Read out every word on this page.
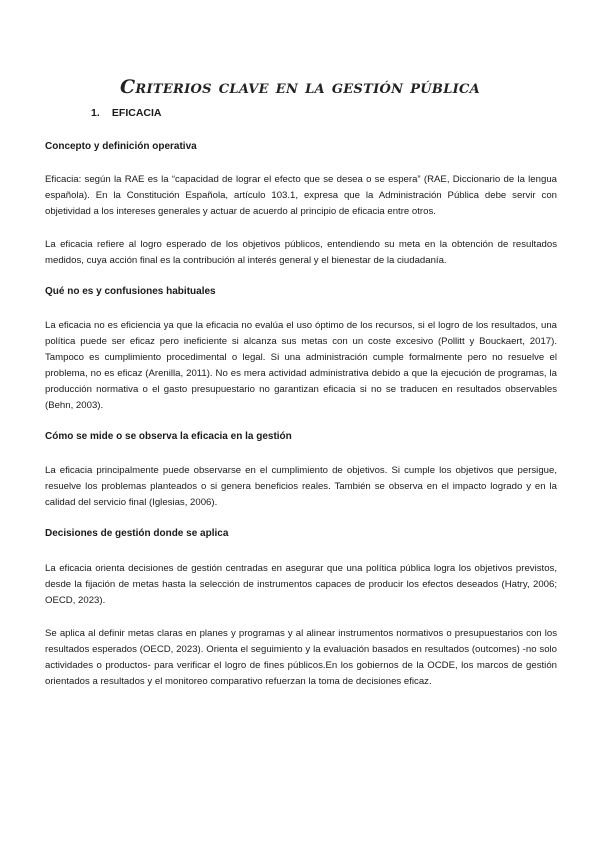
Criterios clave en la gestión pública
1. EFICACIA
Concepto y definición operativa

Eficacia: según la RAE es la “capacidad de lograr el efecto que se desea o se espera” (RAE, Diccionario de la lengua española). En la Constitución Española, artículo 103.1, expresa que la Administración Pública debe servir con objetividad a los intereses generales y actuar de acuerdo al principio de eficacia entre otros.

La eficacia refiere al logro esperado de los objetivos públicos, entendiendo su meta en la obtención de resultados medidos, cuya acción final es la contribución al interés general y el bienestar de la ciudadanía.

Qué no es y confusiones habituales

La eficacia no es eficiencia ya que la eficacia no evalúa el uso óptimo de los recursos, si el logro de los resultados, una política puede ser eficaz pero ineficiente si alcanza sus metas con un coste excesivo (Pollitt y Bouckaert, 2017). Tampoco es cumplimiento procedimental o legal. Si una administración cumple formalmente pero no resuelve el problema, no es eficaz (Arenilla, 2011). No es mera actividad administrativa debido a que la ejecución de programas, la producción normativa o el gasto presupuestario no garantizan eficacia si no se traducen en resultados observables (Behn, 2003).

Cómo se mide o se observa la eficacia en la gestión

La eficacia principalmente puede observarse en el cumplimiento de objetivos. Si cumple los objetivos que persigue, resuelve los problemas planteados o si genera beneficios reales. También se observa en el impacto logrado y en la calidad del servicio final (Iglesias, 2006).

Decisiones de gestión donde se aplica

La eficacia orienta decisiones de gestión centradas en asegurar que una política pública logra los objetivos previstos, desde la fijación de metas hasta la selección de instrumentos capaces de producir los efectos deseados (Hatry, 2006; OECD, 2023).

Se aplica al definir metas claras en planes y programas y al alinear instrumentos normativos o presupuestarios con los resultados esperados (OECD, 2023). Orienta el seguimiento y la evaluación basados en resultados (outcomes) -no solo actividades o productos- para verificar el logro de fines públicos.En los gobiernos de la OCDE, los marcos de gestión orientados a resultados y el monitoreo comparativo refuerzan la toma de decisiones eficaz.
